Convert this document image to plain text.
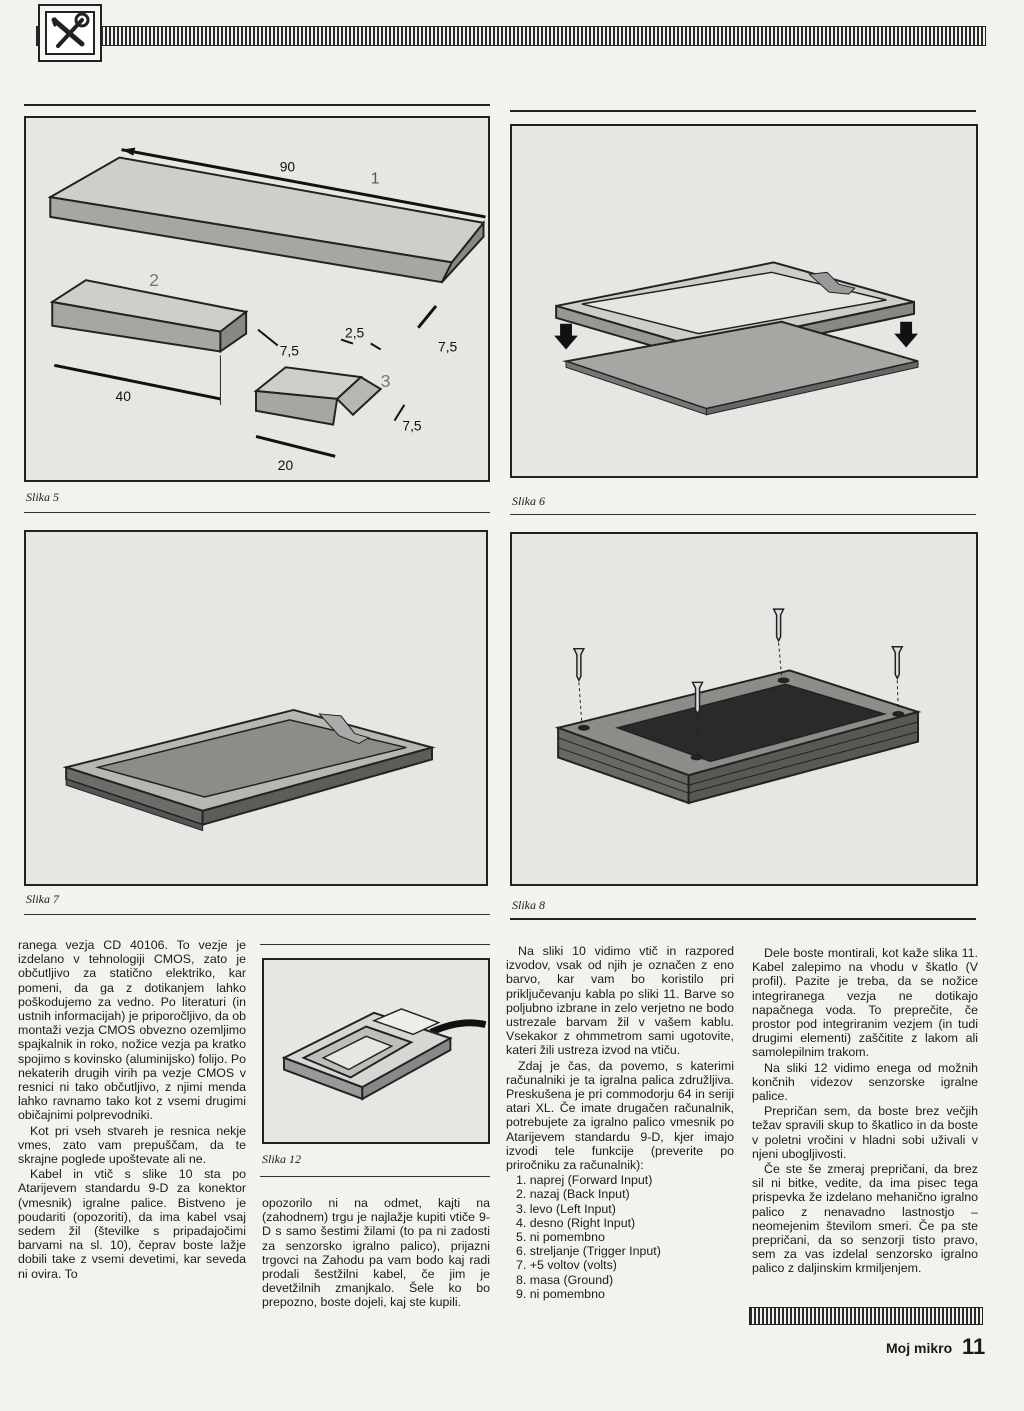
90
1
2
3
40
20
7,5
2,5
7,5
7,5
Slika 5	Slika 6
Slika 7	Slika 8

ranega vezja CD 40106. To vezje je izdelano v tehnologiji CMOS, zato je občutljivo za statično elektriko, kar pomeni, da ga z dotikanjem lahko poškodujemo za vedno. Po literaturi (in ustnih informacijah) je priporočljivo, da ob montaži vezja CMOS obvezno ozemljimo spajkalnik in roko, nožice vezja pa kratko spojimo s kovinsko (aluminijsko) folijo. Po nekaterih drugih virih pa vezje CMOS v resnici ni tako občutljivo, z njimi menda lahko ravnamo tako kot z vsemi drugimi običajnimi polprevodniki.

Kot pri vseh stvareh je resnica nekje vmes, zato vam prepuščam, da te skrajne poglede upoštevate ali ne.

Kabel in vtič s slike 10 sta po Atarijevem standardu 9-D za konektor (vmesnik) igralne palice. Bistveno je poudariti (opozoriti), da ima kabel vsaj sedem žil (številke s pripadajočimi barvami na sl. 10), čeprav boste lažje dobili take z vsemi devetimi, kar seveda ni ovira. To

Slika 12

opozorilo ni na odmet, kajti na (zahodnem) trgu je najlažje kupiti vtiče 9-D s samo šestimi žilami (to pa ni zadosti za senzorsko igralno palico), prijazni trgovci na Zahodu pa vam bodo kaj radi prodali šestžilni kabel, če jim je devetžilnih zmanjkalo. Šele ko bo prepozno, boste dojeli, kaj ste kupili.

Na sliki 10 vidimo vtič in razpored izvodov, vsak od njih je označen z eno barvo, kar vam bo koristilo pri priključevanju kabla po sliki 11. Barve so poljubno izbrane in zelo verjetno ne bodo ustrezale barvam žil v vašem kablu. Vsekakor z ohmmetrom sami ugotovite, kateri žili ustreza izvod na vtiču.

Zdaj je čas, da povemo, s katerimi računalniki je ta igralna palica združljiva. Preskušena je pri commodorju 64 in seriji atari XL. Če imate drugačen računalnik, potrebujete za igralno palico vmesnik po Atarijevem standardu 9-D, kjer imajo izvodi tele funkcije (preverite po priročniku za računalnik):

1. naprej (Forward Input)
2. nazaj (Back Input)
3. levo (Left Input)
4. desno (Right Input)
5. ni pomembno
6. streljanje (Trigger Input)
7. +5 voltov (volts)
8. masa (Ground)
9. ni pomembno

Dele boste montirali, kot kaže slika 11. Kabel zalepimo na vhodu v škatlo (V profil). Pazite je treba, da se nožice integriranega vezja ne dotikajo napačnega voda. To preprečite, če prostor pod integriranim vezjem (in tudi drugimi elementi) zaščitite z lakom ali samolepilnim trakom.

Na sliki 12 vidimo enega od možnih končnih videzov senzorske igralne palice.

Prepričan sem, da boste brez večjih težav spravili skup to škatlico in da boste v poletni vročini v hladni sobi uživali v njeni ubogljivosti.

Če ste še zmeraj prepričani, da brez sil ni bitke, vedite, da ima pisec tega prispevka že izdelano mehanično igralno palico z nenavadno lastnostjo – neomejenim številom smeri. Če pa ste prepričani, da so senzorji tisto pravo, sem za vas izdelal senzorsko igralno palico z daljinskim krmiljenjem.

Moj mikro 11
